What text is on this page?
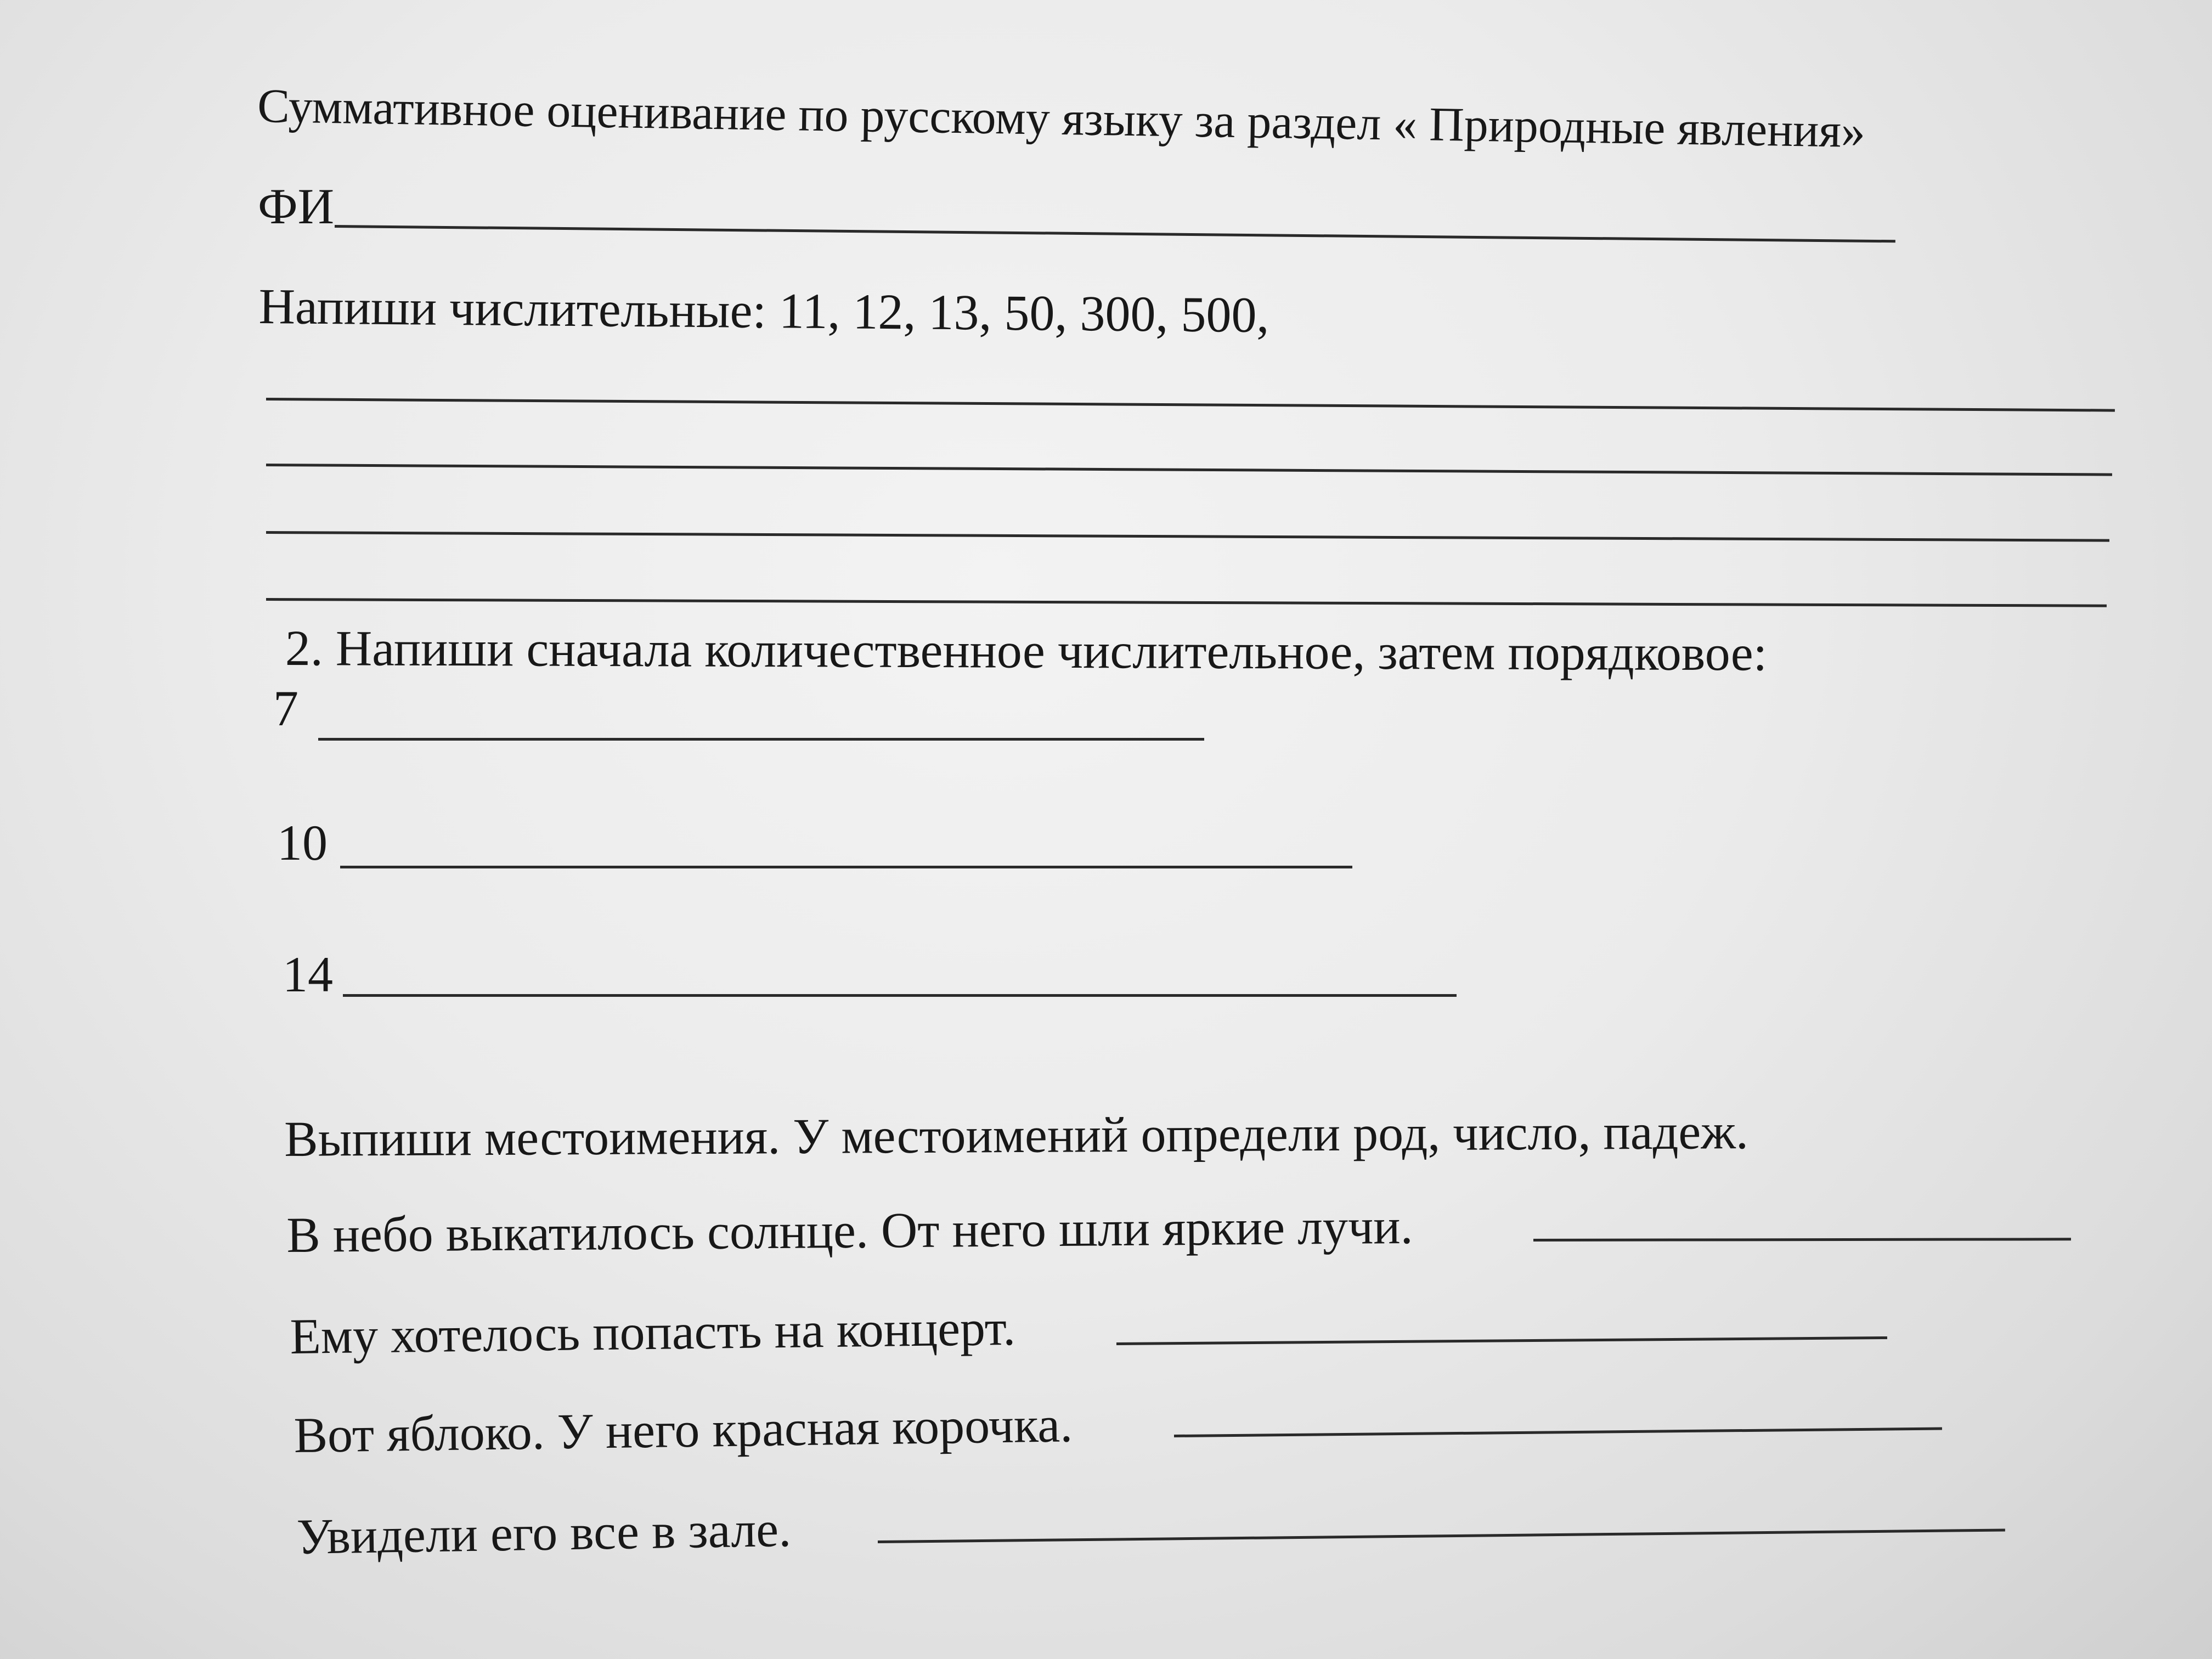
Суммативное оценивание по русскому языку за раздел « Природные явления»
ФИ
Напиши числительные: 11, 12, 13, 50, 300, 500,
2. Напиши сначала количественное числительное, затем порядковое:
7
10
14
Выпиши местоимения. У местоимений определи род, число, падеж.
В небо выкатилось солнце. От него шли яркие лучи.
Ему хотелось попасть на концерт.
Вот яблоко. У него красная корочка.
Увидели его все в зале.
